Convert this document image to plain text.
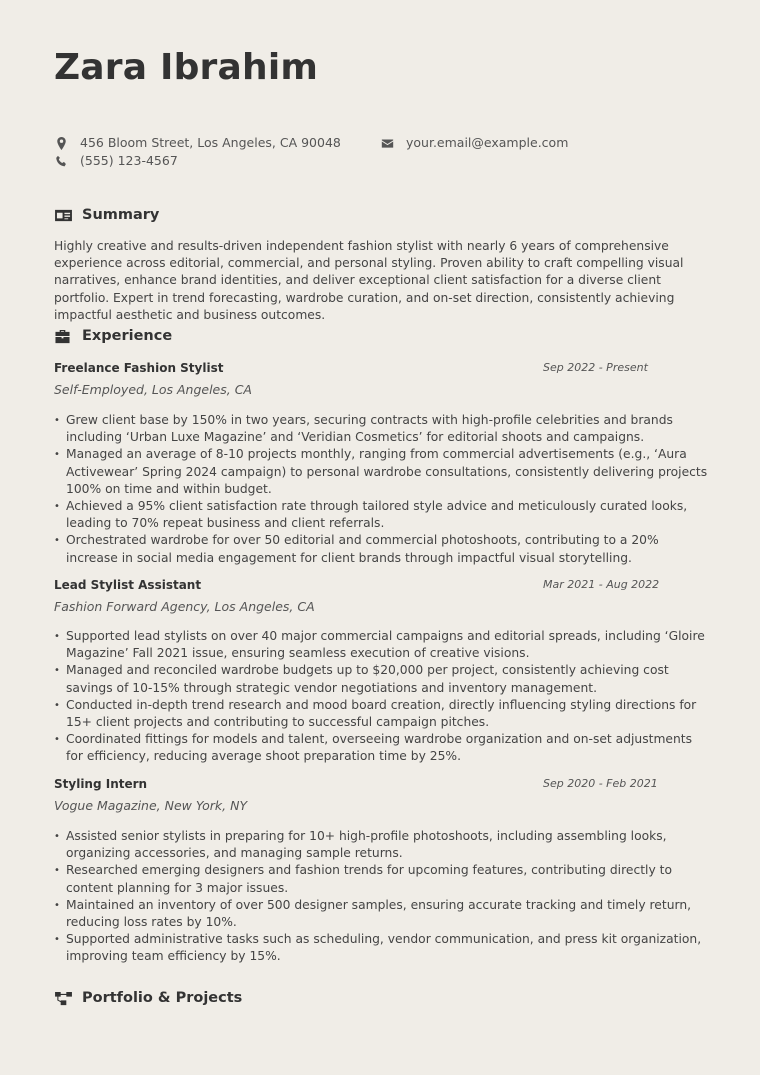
Zara Ibrahim
456 Bloom Street, Los Angeles, CA 90048	your.email@example.com
(555) 123-4567
Summary

Highly creative and results-driven independent fashion stylist with nearly 6 years of comprehensive experience across editorial, commercial, and personal styling. Proven ability to craft compelling visual narratives, enhance brand identities, and deliver exceptional client satisfaction for a diverse client portfolio. Expert in trend forecasting, wardrobe curation, and on-set direction, consistently achieving impactful aesthetic and business outcomes.

Experience
Freelance Fashion Stylist	Sep 2022 - Present
Self-Employed, Los Angeles, CA
• Grew client base by 150% in two years, securing contracts with high-profile celebrities and brands including ‘Urban Luxe Magazine’ and ‘Veridian Cosmetics’ for editorial shoots and campaigns.
• Managed an average of 8-10 projects monthly, ranging from commercial advertisements (e.g., ‘Aura Activewear’ Spring 2024 campaign) to personal wardrobe consultations, consistently delivering projects 100% on time and within budget.
• Achieved a 95% client satisfaction rate through tailored style advice and meticulously curated looks, leading to 70% repeat business and client referrals.
• Orchestrated wardrobe for over 50 editorial and commercial photoshoots, contributing to a 20% increase in social media engagement for client brands through impactful visual storytelling.
Lead Stylist Assistant	Mar 2021 - Aug 2022
Fashion Forward Agency, Los Angeles, CA
• Supported lead stylists on over 40 major commercial campaigns and editorial spreads, including ‘Gloire Magazine’ Fall 2021 issue, ensuring seamless execution of creative visions.
• Managed and reconciled wardrobe budgets up to $20,000 per project, consistently achieving cost savings of 10-15% through strategic vendor negotiations and inventory management.
• Conducted in-depth trend research and mood board creation, directly influencing styling directions for 15+ client projects and contributing to successful campaign pitches.
• Coordinated fittings for models and talent, overseeing wardrobe organization and on-set adjustments for efficiency, reducing average shoot preparation time by 25%.
Styling Intern	Sep 2020 - Feb 2021
Vogue Magazine, New York, NY
• Assisted senior stylists in preparing for 10+ high-profile photoshoots, including assembling looks, organizing accessories, and managing sample returns.
• Researched emerging designers and fashion trends for upcoming features, contributing directly to content planning for 3 major issues.
• Maintained an inventory of over 500 designer samples, ensuring accurate tracking and timely return, reducing loss rates by 10%.
• Supported administrative tasks such as scheduling, vendor communication, and press kit organization, improving team efficiency by 15%.
Portfolio & Projects
